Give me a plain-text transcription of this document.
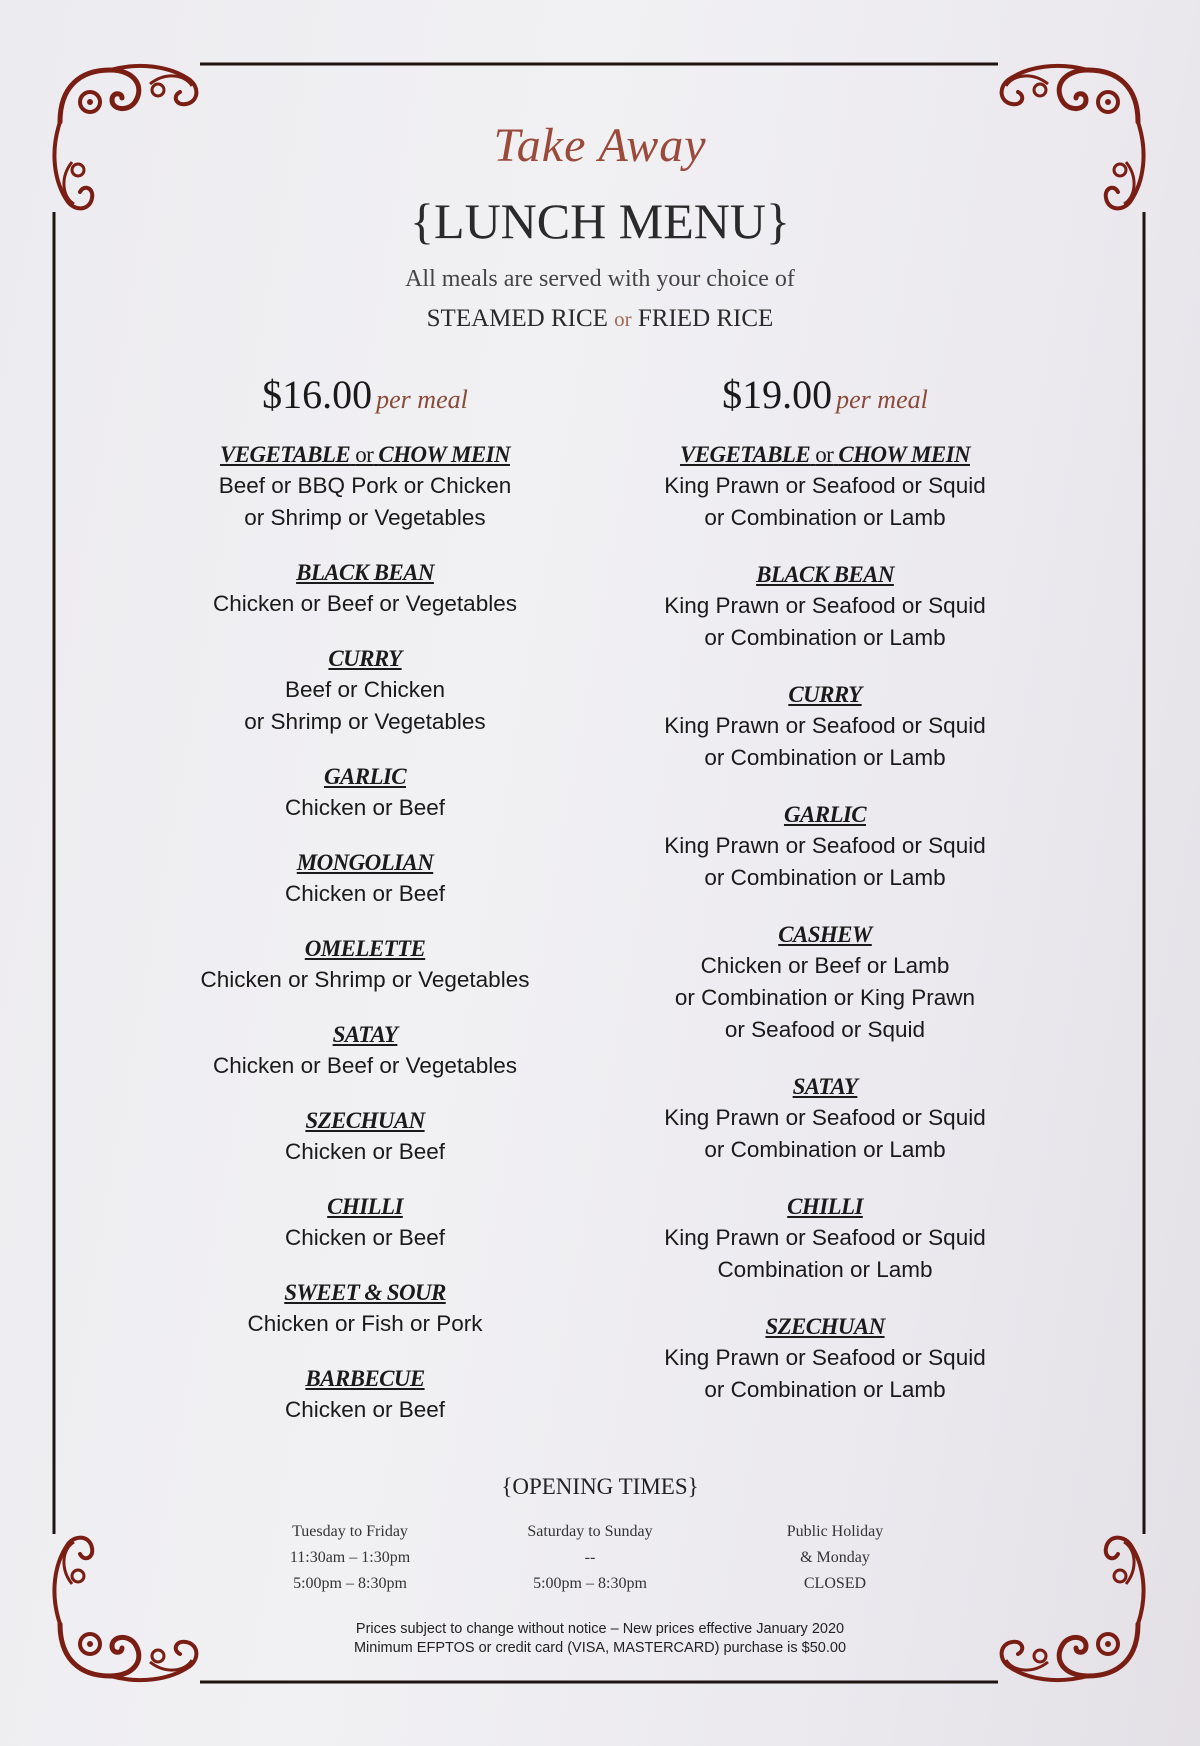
Take Away
{LUNCH MENU}
All meals are served with your choice of
STEAMED RICE or FRIED RICE
$16.00 per meal
VEGETABLE or CHOW MEIN
Beef or BBQ Pork or Chicken
or Shrimp or Vegetables
BLACK BEAN
Chicken or Beef or Vegetables
CURRY
Beef or Chicken
or Shrimp or Vegetables
GARLIC
Chicken or Beef
MONGOLIAN
Chicken or Beef
OMELETTE
Chicken or Shrimp or Vegetables
SATAY
Chicken or Beef or Vegetables
SZECHUAN
Chicken or Beef
CHILLI
Chicken or Beef
SWEET & SOUR
Chicken or Fish or Pork
BARBECUE
Chicken or Beef
$19.00 per meal
VEGETABLE or CHOW MEIN
King Prawn or Seafood or Squid
or Combination or Lamb
BLACK BEAN
King Prawn or Seafood or Squid
or Combination or Lamb
CURRY
King Prawn or Seafood or Squid
or Combination or Lamb
GARLIC
King Prawn or Seafood or Squid
or Combination or Lamb
CASHEW
Chicken or Beef or Lamb
or Combination or King Prawn
or Seafood or Squid
SATAY
King Prawn or Seafood or Squid
or Combination or Lamb
CHILLI
King Prawn or Seafood or Squid
Combination or Lamb
SZECHUAN
King Prawn or Seafood or Squid
or Combination or Lamb
{OPENING TIMES}
Tuesday to Friday
11:30am – 1:30pm
5:00pm – 8:30pm
Saturday to Sunday
--
5:00pm – 8:30pm
Public Holiday
& Monday
CLOSED
Prices subject to change without notice – New prices effective January 2020
Minimum EFPTOS or credit card (VISA, MASTERCARD) purchase is $50.00
